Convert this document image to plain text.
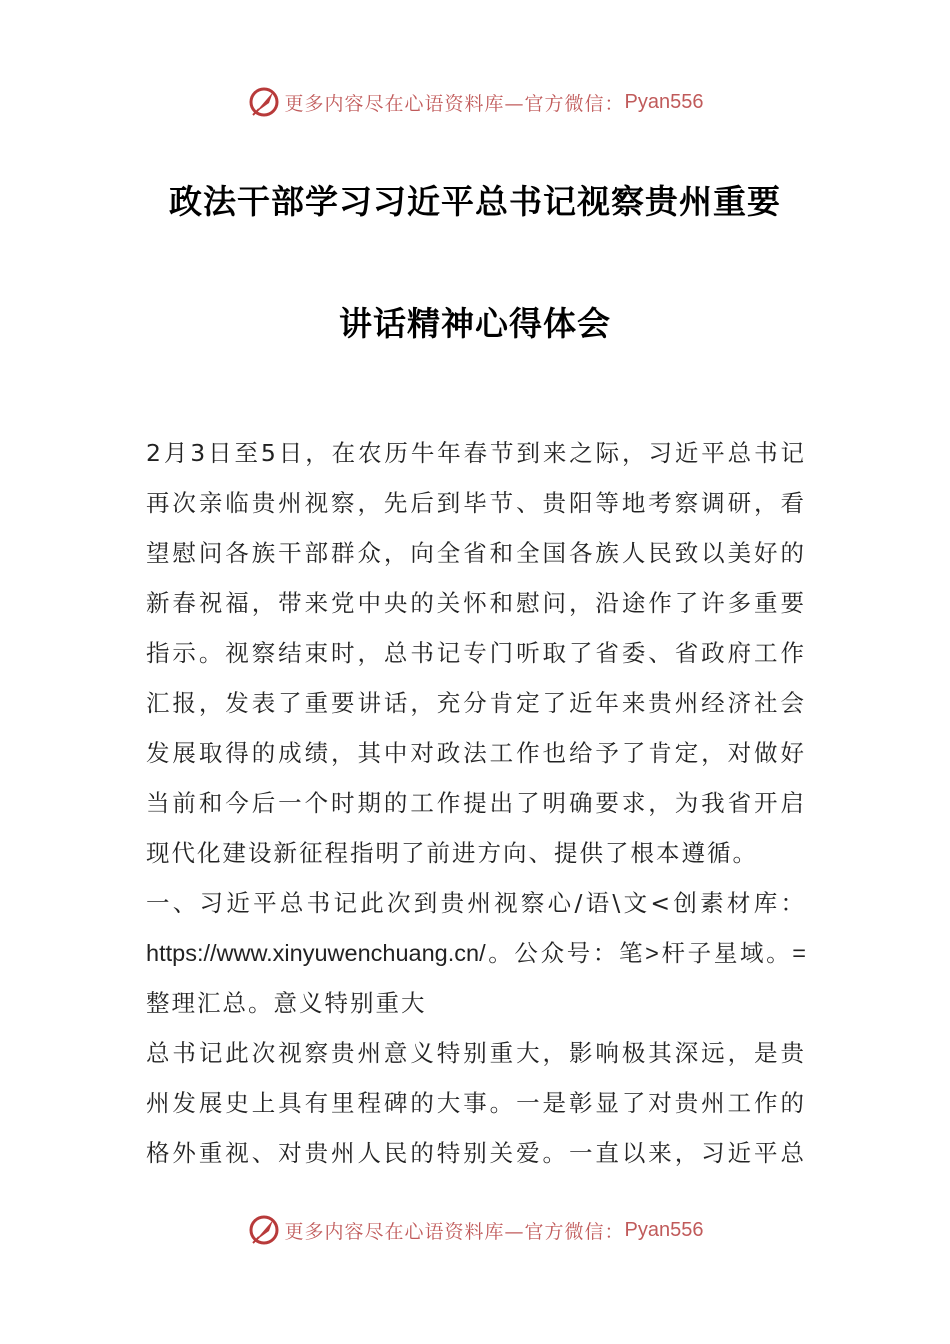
更多内容尽在心语资料库— 官方微信： Pyan556
政法干部学习习近平总书记视察贵州重要
讲话精神心得体会
2月3日至5日，在农历牛年春节到来之际，习近平总书记
再次亲临贵州视察，先后到毕节、贵阳等地考察调研，看
望慰问各族干部群众，向全省和全国各族人民致以美好的
新春祝福，带来党中央的关怀和慰问，沿途作了许多重要
指示。视察结束时，总书记专门听取了省委、省政府工作
汇报，发表了重要讲话，充分肯定了近年来贵州经济社会
发展取得的成绩，其中对政法工作也给予了肯定，对做好
当前和今后一个时期的工作提出了明确要求，为我省开启
现代化建设新征程指明了前进方向、提供了根本遵循。
一、习近平总书记此次到贵州视察心/语\文<创素材库：
https://www.xinyuwenchuang.cn/。公众号：笔>杆子星域。=
整理汇总。意义特别重大
总书记此次视察贵州意义特别重大，影响极其深远，是贵
州发展史上具有里程碑的大事。一是彰显了对贵州工作的
格外重视、对贵州人民的特别关爱。一直以来，习近平总
更多内容尽在心语资料库— 官方微信： Pyan556
